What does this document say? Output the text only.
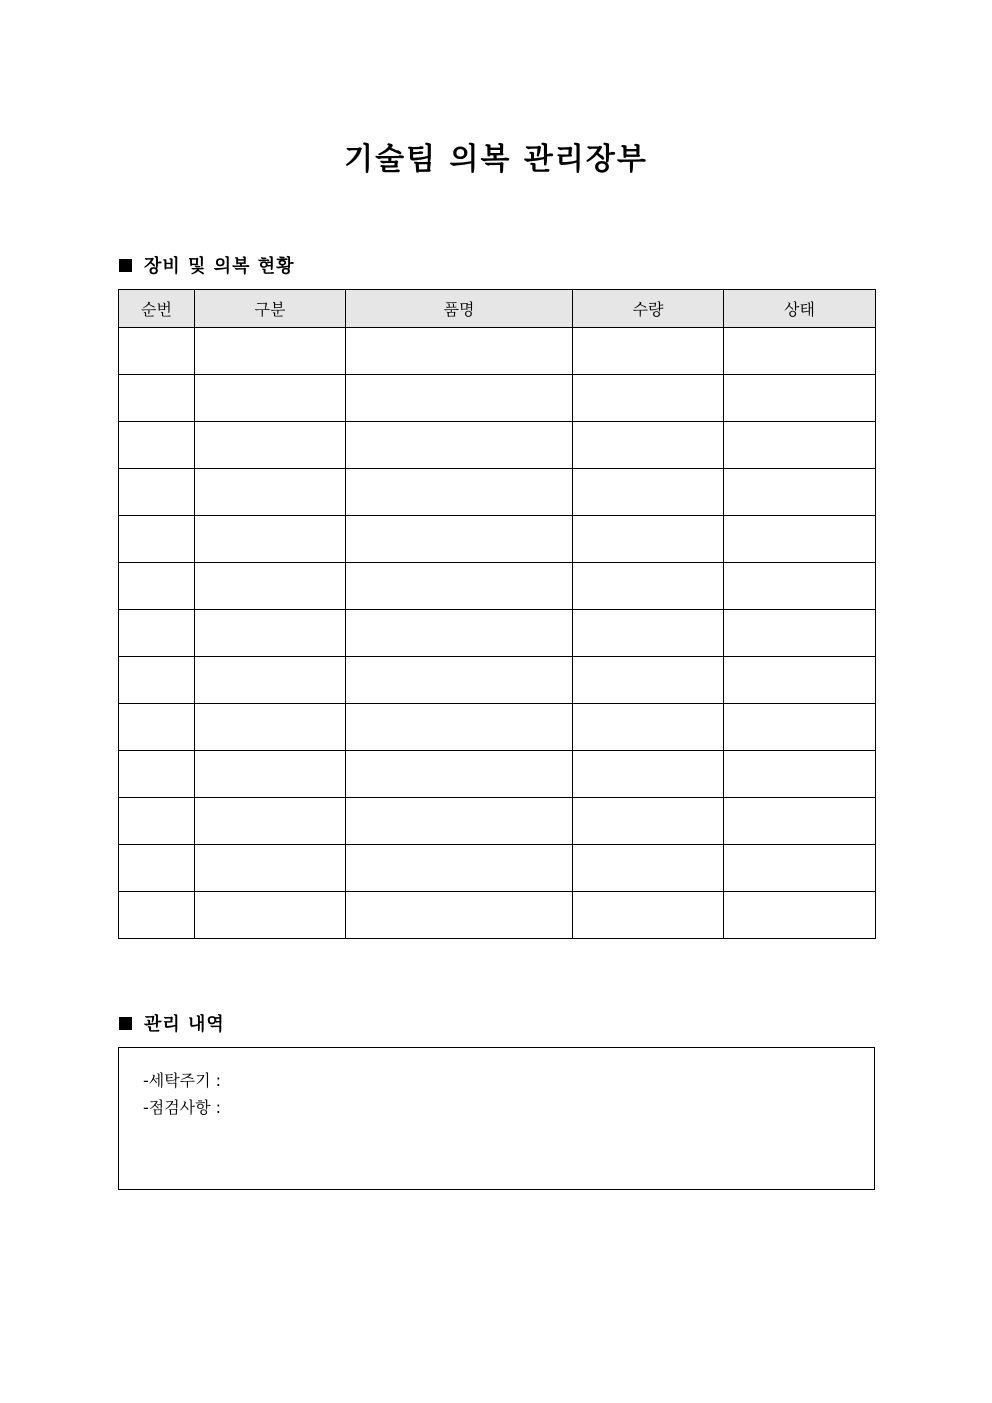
기술팀 의복 관리장부
장비 및 의복 현황
순번	구분	품명	수량	상태

관리 내역
-세탁주기 :
-점검사항 :
